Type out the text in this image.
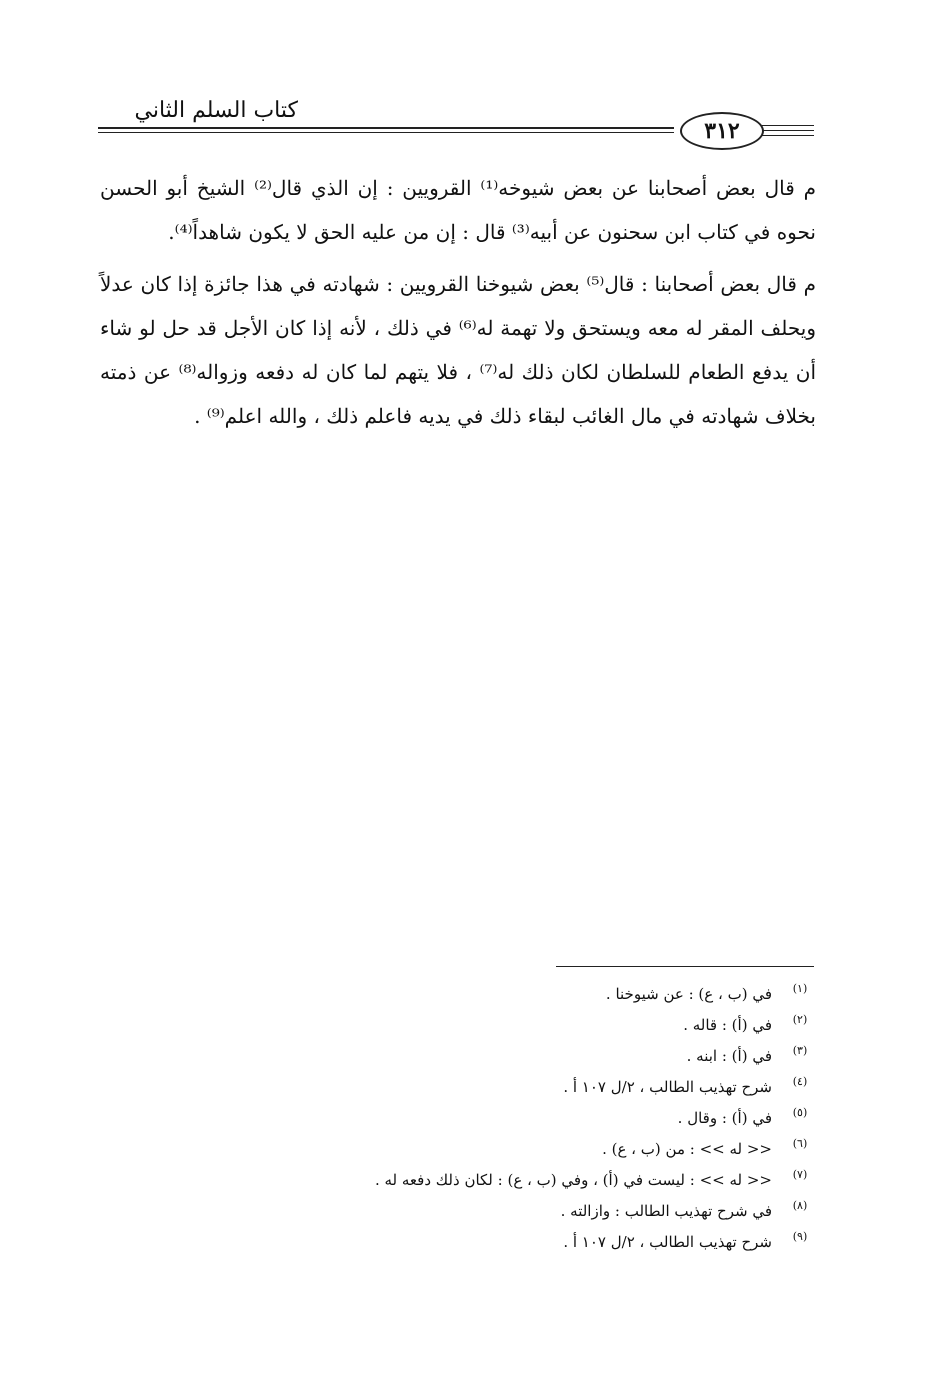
كتاب السلم الثاني
٣١٢

م قال بعض أصحابنا عن بعض شيوخه⁽¹⁾ القرويين : إن الذي قال⁽²⁾ الشيخ أبو الحسن نحوه في كتاب ابن سحنون عن أبيه⁽³⁾ قال : إن من عليه الحق لا يكون شاهداً⁽⁴⁾.

م قال بعض أصحابنا : قال⁽⁵⁾ بعض شيوخنا القرويين : شهادته في هذا جائزة إذا كان عدلاً ويحلف المقر له معه ويستحق ولا تهمة له⁽⁶⁾ في ذلك ، لأنه إذا كان الأجل قد حل لو شاء أن يدفع الطعام للسلطان لكان ذلك له⁽⁷⁾ ، فلا يتهم لما كان له دفعه وزواله⁽⁸⁾ عن ذمته بخلاف شهادته في مال الغائب لبقاء ذلك في يديه فاعلم ذلك ، والله اعلم⁽⁹⁾ .

(١)
في (ب ، ع) : عن شيوخنا .
(٢)
في (أ) : قاله .
(٣)
في (أ) : ابنه .
(٤)
شرح تهذيب الطالب ، ٢/ل ١٠٧ أ .
(٥)
في (أ) : وقال .
(٦)
<< له >> : من (ب ، ع) .
(٧)
<< له >> : ليست في (أ) ، وفي (ب ، ع) : لكان ذلك دفعه له .
(٨)
في شرح تهذيب الطالب : وازالته .
(٩)
شرح تهذيب الطالب ، ٢/ل ١٠٧ أ .
